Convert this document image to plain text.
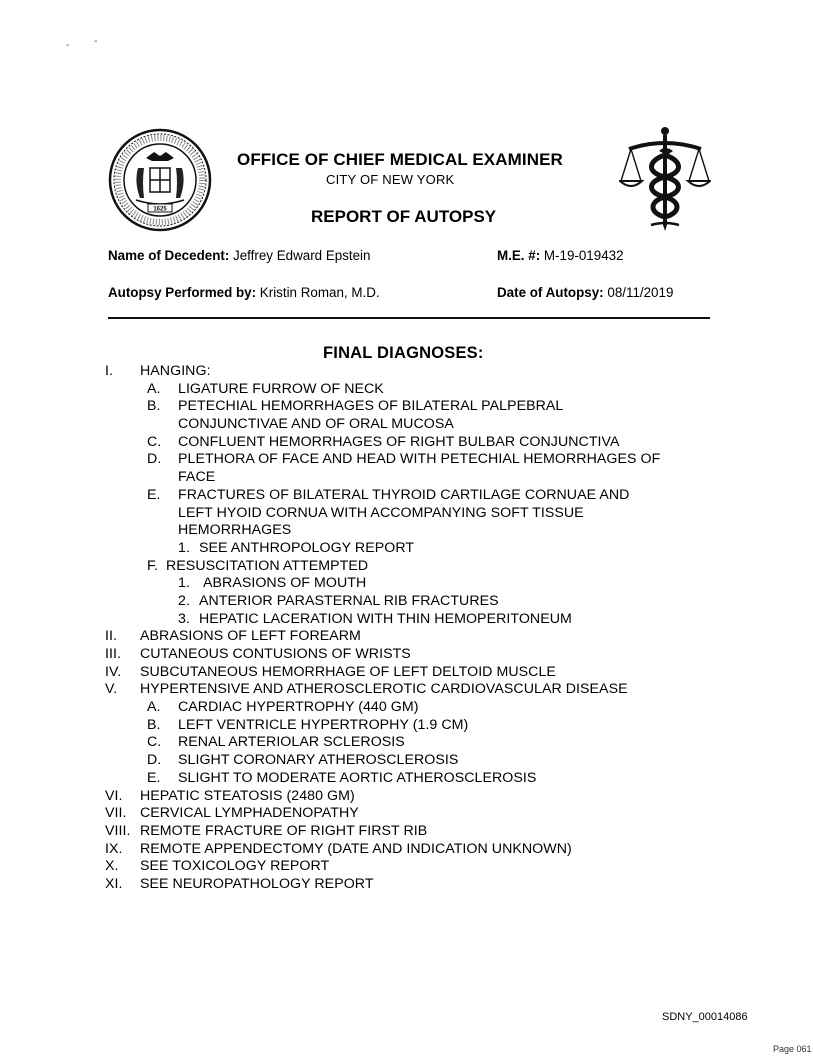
- -
1625
OFFICE OF CHIEF MEDICAL EXAMINER
CITY OF NEW YORK
REPORT OF AUTOPSY
Name of Decedent: Jeffrey Edward Epstein	M.E. #: M-19-019432
Autopsy Performed by: Kristin Roman, M.D.	Date of Autopsy: 08/11/2019
FINAL DIAGNOSES:
I. HANGING:
A. LIGATURE FURROW OF NECK
B. PETECHIAL HEMORRHAGES OF BILATERAL PALPEBRAL
CONJUNCTIVAE AND OF ORAL MUCOSA
C. CONFLUENT HEMORRHAGES OF RIGHT BULBAR CONJUNCTIVA
D. PLETHORA OF FACE AND HEAD WITH PETECHIAL HEMORRHAGES OF
FACE
E. FRACTURES OF BILATERAL THYROID CARTILAGE CORNUAE AND
LEFT HYOID CORNUA WITH ACCOMPANYING SOFT TISSUE
HEMORRHAGES
1. SEE ANTHROPOLOGY REPORT
F. RESUSCITATION ATTEMPTED
1. ABRASIONS OF MOUTH
2. ANTERIOR PARASTERNAL RIB FRACTURES
3. HEPATIC LACERATION WITH THIN HEMOPERITONEUM
II. ABRASIONS OF LEFT FOREARM
III. CUTANEOUS CONTUSIONS OF WRISTS
IV. SUBCUTANEOUS HEMORRHAGE OF LEFT DELTOID MUSCLE
V. HYPERTENSIVE AND ATHEROSCLEROTIC CARDIOVASCULAR DISEASE
A. CARDIAC HYPERTROPHY (440 GM)
B. LEFT VENTRICLE HYPERTROPHY (1.9 CM)
C. RENAL ARTERIOLAR SCLEROSIS
D. SLIGHT CORONARY ATHEROSCLEROSIS
E. SLIGHT TO MODERATE AORTIC ATHEROSCLEROSIS
VI. HEPATIC STEATOSIS (2480 GM)
VII. CERVICAL LYMPHADENOPATHY
VIII. REMOTE FRACTURE OF RIGHT FIRST RIB
IX. REMOTE APPENDECTOMY (DATE AND INDICATION UNKNOWN)
X. SEE TOXICOLOGY REPORT
XI. SEE NEUROPATHOLOGY REPORT
SDNY_00014086
Page 061
